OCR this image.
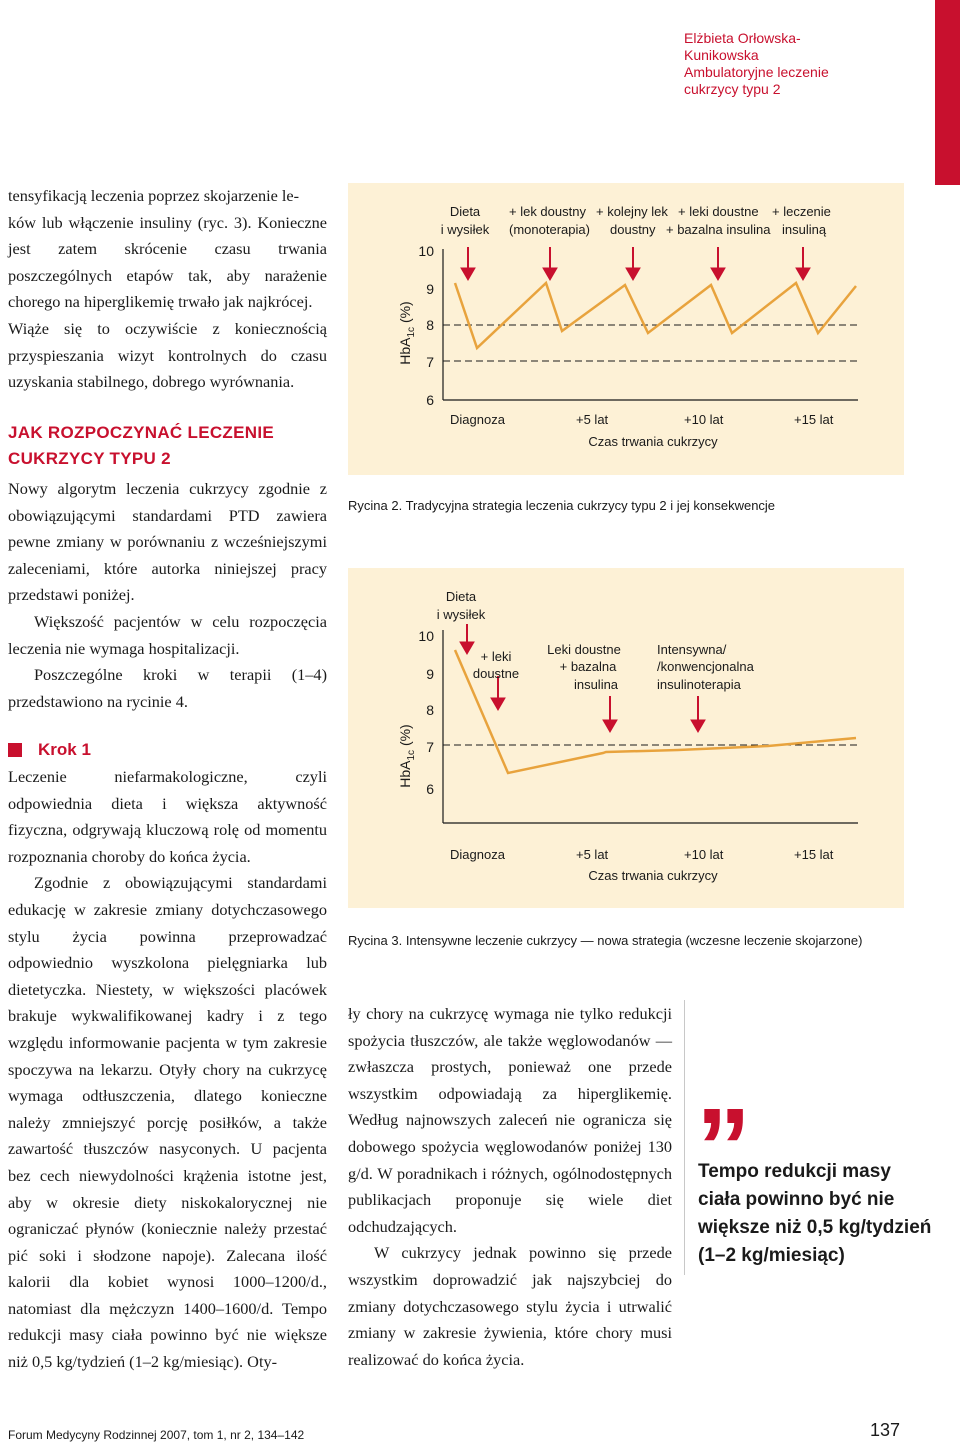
Elżbieta Orłowska-Kunikowska
Ambulatoryjne leczenie
cukrzycy typu 2

tensyfikacją leczenia poprzez skojarzenie le-

ków lub włączenie insuliny (ryc. 3). Konieczne jest zatem skrócenie czasu trwania poszczególnych etapów tak, aby narażenie chorego na hiperglikemię trwało jak najkrócej.

Wiąże się to oczywiście z koniecznością przyspieszania wizyt kontrolnych do czasu uzyskania stabilnego, dobrego wyrównania.

JAK ROZPOCZYNAĆ LECZENIE
CUKRZYCY TYPU 2

Nowy algorytm leczenia cukrzycy zgodnie z obowiązującymi standardami PTD zawiera pewne zmiany w porównaniu z wcześniejszymi zaleceniami, które autorka niniejszej pracy przedstawi poniżej.

Większość pacjentów w celu rozpoczęcia leczenia nie wymaga hospitalizacji.

Poszczególne kroki w terapii (1–4) przedstawiono na rycinie 4.

Krok 1

Leczenie niefarmakologiczne, czyli odpowiednia dieta i większa aktywność fizyczna, odgrywają kluczową rolę od momentu rozpoznania choroby do końca życia.

Zgodnie z obowiązującymi standardami edukację w zakresie zmiany dotychczasowego stylu życia powinna przeprowadzać odpowiednio wyszkolona pielęgniarka lub dietetyczka. Niestety, w większości placówek brakuje wykwalifikowanej kadry i z tego względu informowanie pacjenta w tym zakresie spoczywa na lekarzu. Otyły chory na cukrzycę wymaga odtłuszczenia, dlatego konieczne należy zmniejszyć porcję posiłków, a także zawartość tłuszczów nasyconych. U pacjenta bez cech niewydolności krążenia istotne jest, aby w okresie diety niskokalorycznej nie ograniczać płynów (koniecznie należy przestać pić soki i słodzone napoje). Zalecana ilość kalorii dla kobiet wynosi 1000–1200/d., natomiast dla mężczyzn 1400–1600/d. Tempo redukcji masy ciała powinno być nie większe niż 0,5 kg/tydzień (1–2 kg/miesiąc). Oty-

HbA$_{1c}$ (%)
10
9
8
7
6
Dieta
i wysiłek
+ lek doustny
(monoterapia)
+ kolejny lek
doustny
+ leki doustne
+ bazalna insulina
+ leczenie
insuliną
Diagnoza	+5 lat	+10 lat	+15 lat
Czas trwania cukrzycy
Rycina 2. Tradycyjna strategia leczenia cukrzycy typu 2 i jej konsekwencje
HbA$_{1c}$ (%)
10
9
8
7
6
Dieta
i wysiłek
+ leki
doustne
Leki doustne
+ bazalna
insulina
Intensywna/
/konwencjonalna
insulinoterapia
Diagnoza	+5 lat	+10 lat	+15 lat
Czas trwania cukrzycy
Rycina 3. Intensywne leczenie cukrzycy — nowa strategia (wczesne leczenie skojarzone)

ły chory na cukrzycę wymaga nie tylko redukcji spożycia tłuszczów, ale także węglowodanów — zwłaszcza prostych, ponieważ one przede wszystkim odpowiadają za hiperglikemię. Według najnowszych zaleceń nie ogranicza się dobowego spożycia węglowodanów poniżej 130 g/d. W poradnikach i różnych, ogólnodostępnych publikacjach proponuje się wiele diet odchudzających.

W cukrzycy jednak powinno się przede wszystkim doprowadzić jak najszybciej do zmiany dotychczasowego stylu życia i utrwalić zmiany w zakresie żywienia, które chory musi realizować do końca życia.

”
Tempo redukcji masy
ciała powinno być nie
większe niż 0,5 kg/tydzień
(1–2 kg/miesiąc)
Forum Medycyny Rodzinnej 2007, tom 1, nr 2, 134–142	137
